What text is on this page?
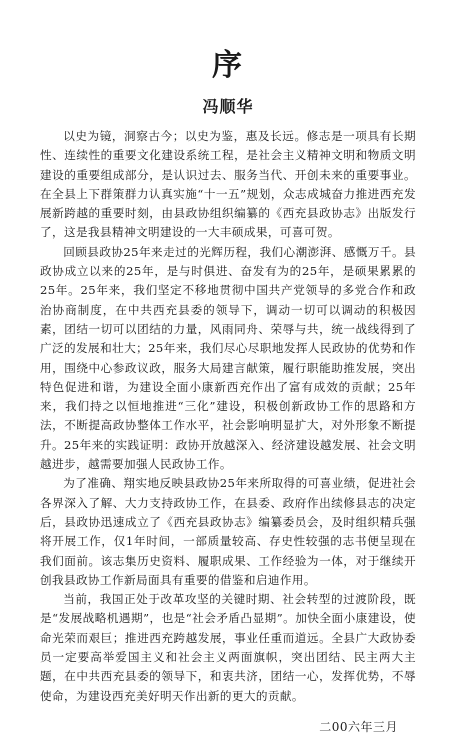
序
冯顺华

以史为镜，洞察古今；以史为鉴，惠及长远。修志是一项具有长期性、连续性的重要文化建设系统工程，是社会主义精神文明和物质文明建设的重要组成部分，是认识过去、服务当代、开创未来的重要事业。在全县上下群策群力认真实施“十一五”规划，众志成城奋力推进西充发展新跨越的重要时刻，由县政协组织编纂的《西充县政协志》出版发行了，这是我县精神文明建设的一大丰硕成果，可喜可贺。

回顾县政协25年来走过的光辉历程，我们心潮澎湃、感慨万千。县政协成立以来的25年，是与时俱进、奋发有为的25年，是硕果累累的25年。25年来，我们坚定不移地贯彻中国共产党领导的多党合作和政治协商制度，在中共西充县委的领导下，调动一切可以调动的积极因素，团结一切可以团结的力量，风雨同舟、荣辱与共，统一战线得到了广泛的发展和壮大；25年来，我们尽心尽职地发挥人民政协的优势和作用，围绕中心参政议政，服务大局建言献策，履行职能助推发展，突出特色促进和谐，为建设全面小康新西充作出了富有成效的贡献；25年来，我们持之以恒地推进“三化”建设，积极创新政协工作的思路和方法，不断提高政协整体工作水平，社会影响明显扩大，对外形象不断提升。25年来的实践证明：政协开放越深入、经济建设越发展、社会文明越进步，越需要加强人民政协工作。

为了准确、翔实地反映县政协25年来所取得的可喜业绩，促进社会各界深入了解、大力支持政协工作，在县委、政府作出续修县志的决定后，县政协迅速成立了《西充县政协志》编纂委员会，及时组织精兵强将开展工作，仅1年时间，一部质量较高、存史性较强的志书便呈现在我们面前。该志集历史资料、履职成果、工作经验为一体，对于继续开创我县政协工作新局面具有重要的借鉴和启迪作用。

当前，我国正处于改革攻坚的关键时期、社会转型的过渡阶段，既是“发展战略机遇期”，也是“社会矛盾凸显期”。加快全面小康建设，使命光荣而艰巨；推进西充跨越发展，事业任重而道远。全县广大政协委员一定要高举爱国主义和社会主义两面旗帜，突出团结、民主两大主题，在中共西充县委的领导下，和衷共济，团结一心，发挥优势，不辱使命，为建设西充美好明天作出新的更大的贡献。

二00六年三月
